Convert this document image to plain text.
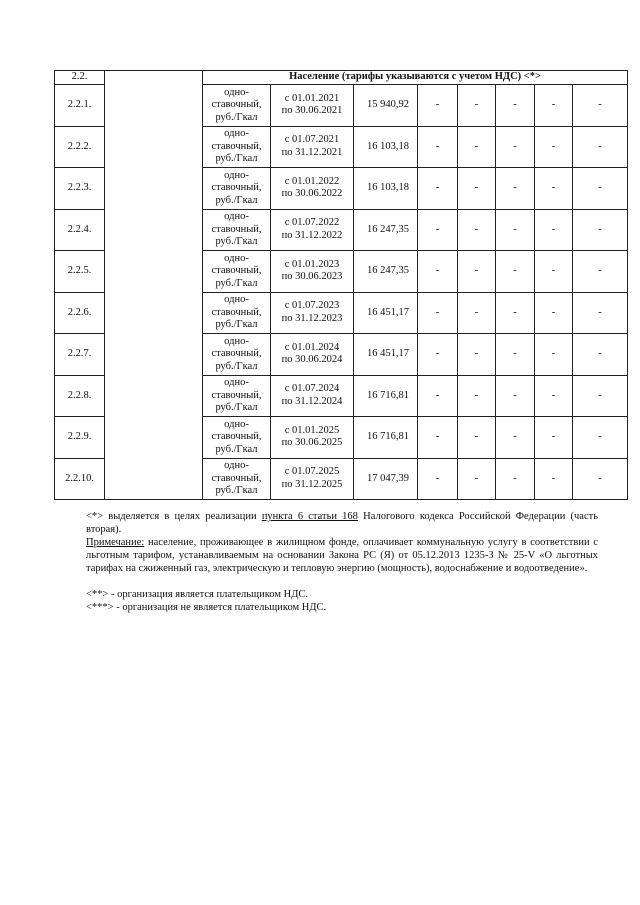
2.2.		Население (тарифы указываются с учетом НДС) <*>							
2.2.1.		одно-
ставочный,
руб./Гкал	с 01.01.2021
по 30.06.2021	15 940,92	-	-	-	-	-
2.2.2.		одно-
ставочный,
руб./Гкал	с 01.07.2021
по 31.12.2021	16 103,18	-	-	-	-	-
2.2.3.		одно-
ставочный,
руб./Гкал	с 01.01.2022
по 30.06.2022	16 103,18	-	-	-	-	-
2.2.4.		одно-
ставочный,
руб./Гкал	с 01.07.2022
по 31.12.2022	16 247,35	-	-	-	-	-
2.2.5.		одно-
ставочный,
руб./Гкал	с 01.01.2023
по 30.06.2023	16 247,35	-	-	-	-	-
2.2.6.		одно-
ставочный,
руб./Гкал	с 01.07.2023
по 31.12.2023	16 451,17	-	-	-	-	-
2.2.7.		одно-
ставочный,
руб./Гкал	с 01.01.2024
по 30.06.2024	16 451,17	-	-	-	-	-
2.2.8.		одно-
ставочный,
руб./Гкал	с 01.07.2024
по 31.12.2024	16 716,81	-	-	-	-	-
2.2.9.		одно-
ставочный,
руб./Гкал	с 01.01.2025
по 30.06.2025	16 716,81	-	-	-	-	-
2.2.10.		одно-
ставочный,
руб./Гкал	с 01.07.2025
по 31.12.2025	17 047,39	-	-	-	-	-

<*> выделяется в целях реализации пункта 6 статьи 168 Налогового кодекса Российской Федерации (часть вторая).

Примечание: население, проживающее в жилищном фонде, оплачивает коммунальную услугу в соответствии с льготным тарифом, устанавливаемым на основании Закона РС (Я) от 05.12.2013 1235-З № 25-V «О льготных тарифах на сжиженный газ, электрическую и тепловую энергию (мощность), водоснабжение и водоотведение».

<**> - организация является плательщиком НДС.

<***> - организация не является плательщиком НДС.
